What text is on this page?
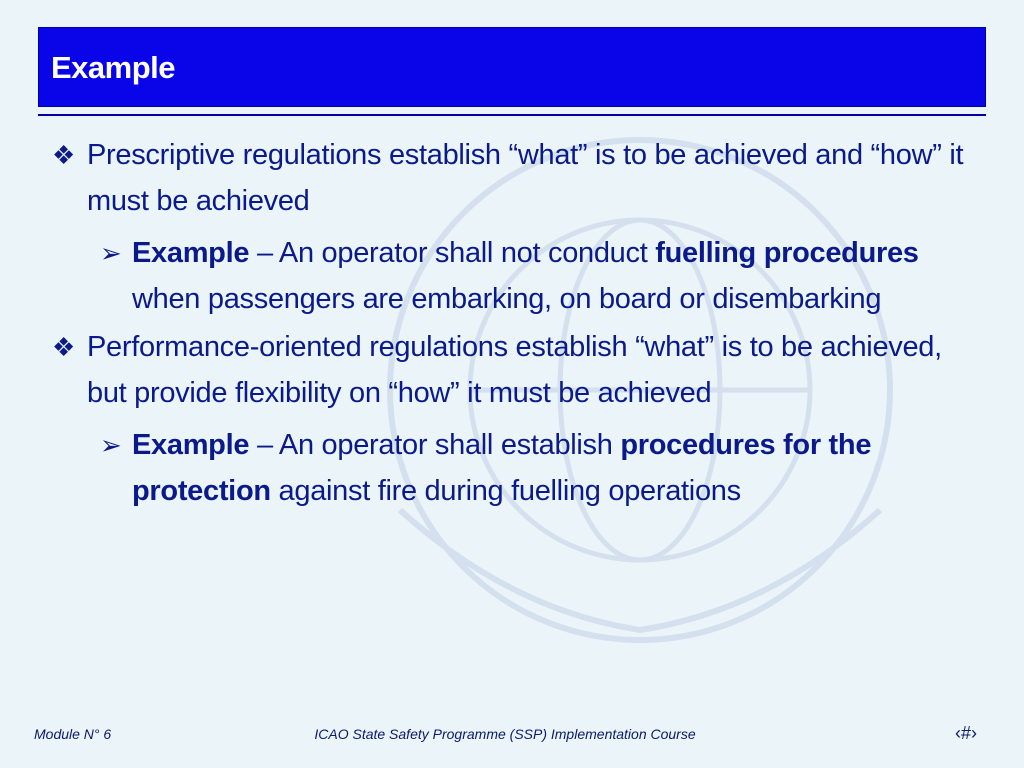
Example
❖ Prescriptive regulations establish “what” is to be achieved and “how” it must be achieved
➢ Example – An operator shall not conduct fuelling procedures when passengers are embarking, on board or disembarking
❖ Performance-oriented regulations establish “what” is to be achieved, but provide flexibility on “how” it must be achieved
➢ Example – An operator shall establish procedures for the protection against fire during fuelling operations
Module N° 6	ICAO State Safety Programme (SSP) Implementation Course	‹#›
